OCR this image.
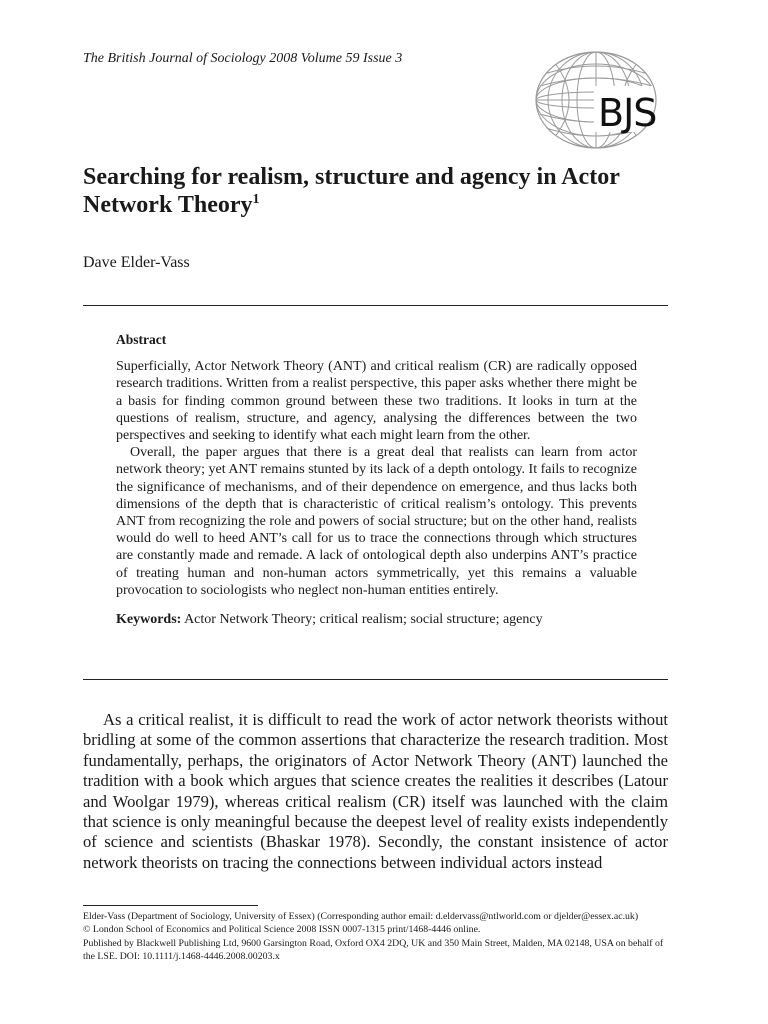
The British Journal of Sociology 2008 Volume 59 Issue 3
BJS
Searching for realism, structure and agency in Actor Network Theory$^1$
Dave Elder-Vass
Abstract

Superficially, Actor Network Theory (ANT) and critical realism (CR) are radically opposed research traditions. Written from a realist perspective, this paper asks whether there might be a basis for finding common ground between these two traditions. It looks in turn at the questions of realism, structure, and agency, analysing the differences between the two perspectives and seeking to identify what each might learn from the other.

Overall, the paper argues that there is a great deal that realists can learn from actor network theory; yet ANT remains stunted by its lack of a depth ontology. It fails to recognize the significance of mechanisms, and of their dependence on emergence, and thus lacks both dimensions of the depth that is characteristic of critical realism’s ontology. This prevents ANT from recognizing the role and powers of social structure; but on the other hand, realists would do well to heed ANT’s call for us to trace the connections through which structures are constantly made and remade. A lack of ontological depth also underpins ANT’s practice of treating human and non-human actors symmetrically, yet this remains a valuable provocation to sociologists who neglect non-human entities entirely.

Keywords: Actor Network Theory; critical realism; social structure; agency

As a critical realist, it is difficult to read the work of actor network theorists without bridling at some of the common assertions that characterize the research tradition. Most fundamentally, perhaps, the originators of Actor Network Theory (ANT) launched the tradition with a book which argues that science creates the realities it describes (Latour and Woolgar 1979), whereas critical realism (CR) itself was launched with the claim that science is only meaningful because the deepest level of reality exists independently of science and scientists (Bhaskar 1978). Secondly, the constant insistence of actor network theorists on tracing the connections between individual actors instead

Elder-Vass (Department of Sociology, University of Essex) (Corresponding author email: d.eldervass@ntlworld.com or djelder@essex.ac.uk)
© London School of Economics and Political Science 2008 ISSN 0007-1315 print/1468-4446 online.
Published by Blackwell Publishing Ltd, 9600 Garsington Road, Oxford OX4 2DQ, UK and 350 Main Street, Malden, MA 02148, USA on behalf of the LSE. DOI: 10.1111/j.1468-4446.2008.00203.x
